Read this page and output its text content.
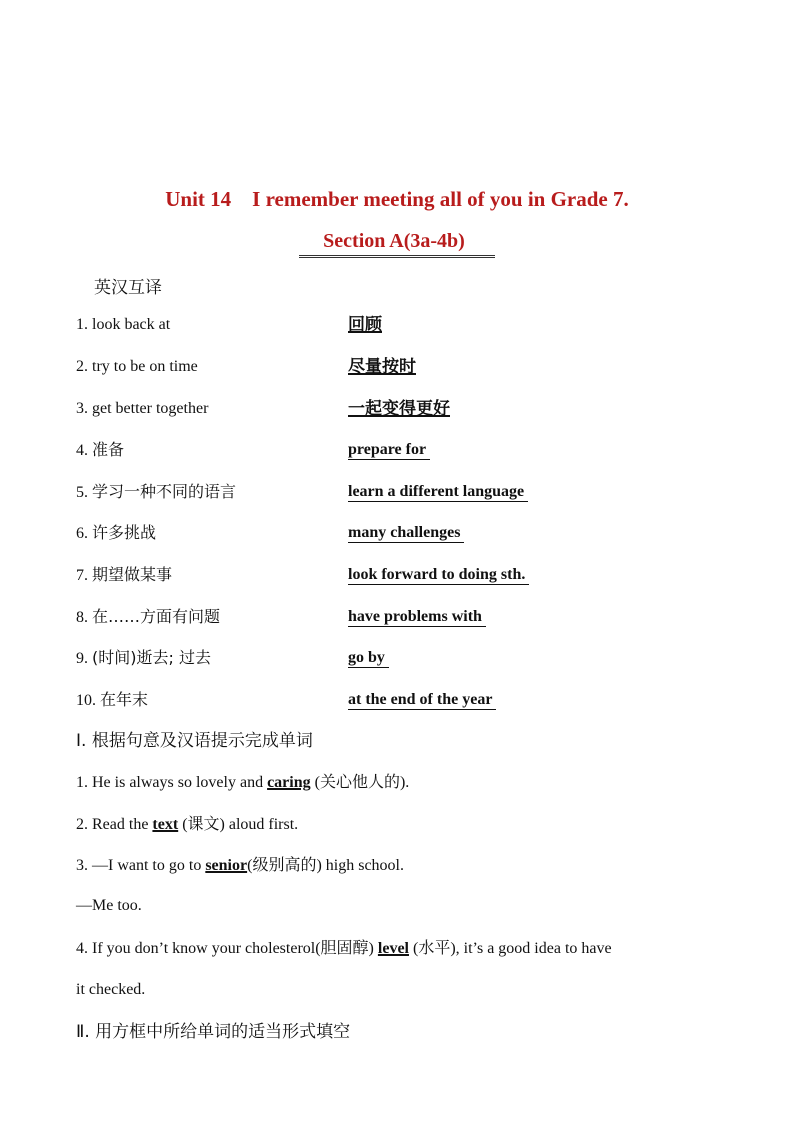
Unit 14    I remember meeting all of you in Grade 7.
Section A(3a-4b)
英汉互译
1. look back at	回顾
2. try to be on time	尽量按时
3. get better together	一起变得更好
4. 准备	prepare for
5. 学习一种不同的语言	learn a different language
6. 许多挑战	many challenges
7. 期望做某事	look forward to doing sth.
8. 在……方面有问题	have problems with
9. (时间)逝去; 过去	go by
10. 在年末	at the end of the year
Ⅰ. 根据句意及汉语提示完成单词
1. He is always so lovely and caring (关心他人的).
2. Read the text (课文) aloud first.
3. —I want to go to senior(级别高的) high school.
—Me too.
4. If you don’t know your cholesterol(胆固醇) level (水平), it’s a good idea to have
it checked.
Ⅱ. 用方框中所给单词的适当形式填空
